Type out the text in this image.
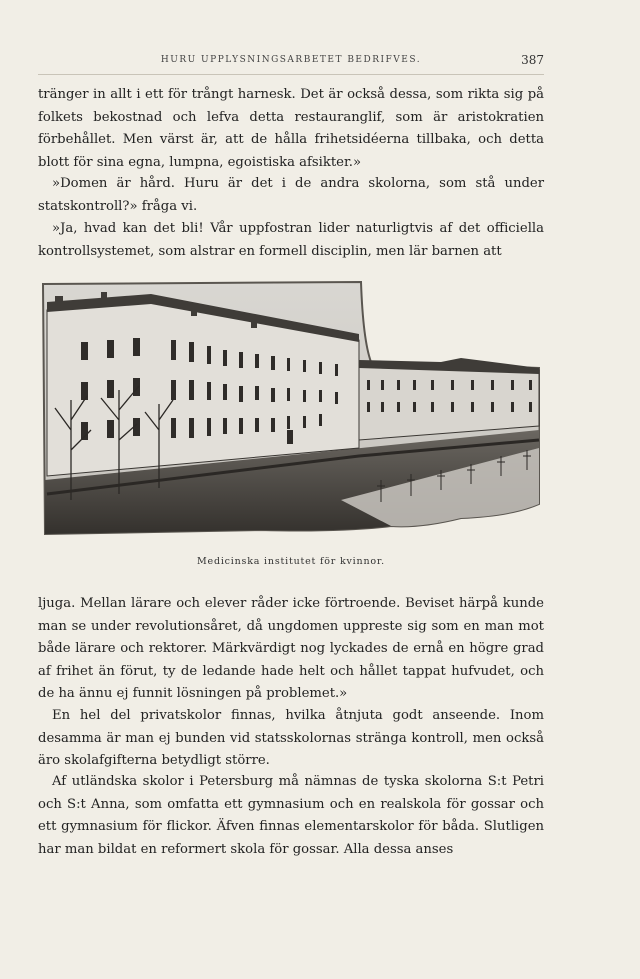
HURU UPPLYSNINGSARBETET BEDRIFVES.	387

tränger in allt i ett för trångt harnesk. Det är också dessa, som rikta sig på folkets bekostnad och lefva detta restauranglif, som är aristokratien förbehållet. Men värst är, att de hålla frihetsidéerna tillbaka, och detta blott för sina egna, lumpna, egoistiska afsikter.»

»Domen är hård. Huru är det i de andra skolorna, som stå under statskontroll?» fråga vi.

»Ja, hvad kan det bli! Vår uppfostran lider naturligtvis af det officiella kontrollsystemet, som alstrar en formell disciplin, men lär barnen att

Medicinska institutet för kvinnor.

ljuga. Mellan lärare och elever råder icke förtroende. Beviset härpå kunde man se under revolutionsåret, då ungdomen uppreste sig som en man mot både lärare och rektorer. Märkvärdigt nog lyckades de ernå en högre grad af frihet än förut, ty de ledande hade helt och hållet tappat hufvudet, och de ha ännu ej funnit lösningen på problemet.»

En hel del privatskolor finnas, hvilka åtnjuta godt anseende. Inom desamma är man ej bunden vid statsskolornas stränga kontroll, men också äro skolafgifterna betydligt större.

Af utländska skolor i Petersburg må nämnas de tyska skolorna S:t Petri och S:t Anna, som omfatta ett gymnasium och en realskola för gossar och ett gymnasium för flickor. Äfven finnas elementarskolor för båda. Slutligen har man bildat en reformert skola för gossar. Alla dessa anses
